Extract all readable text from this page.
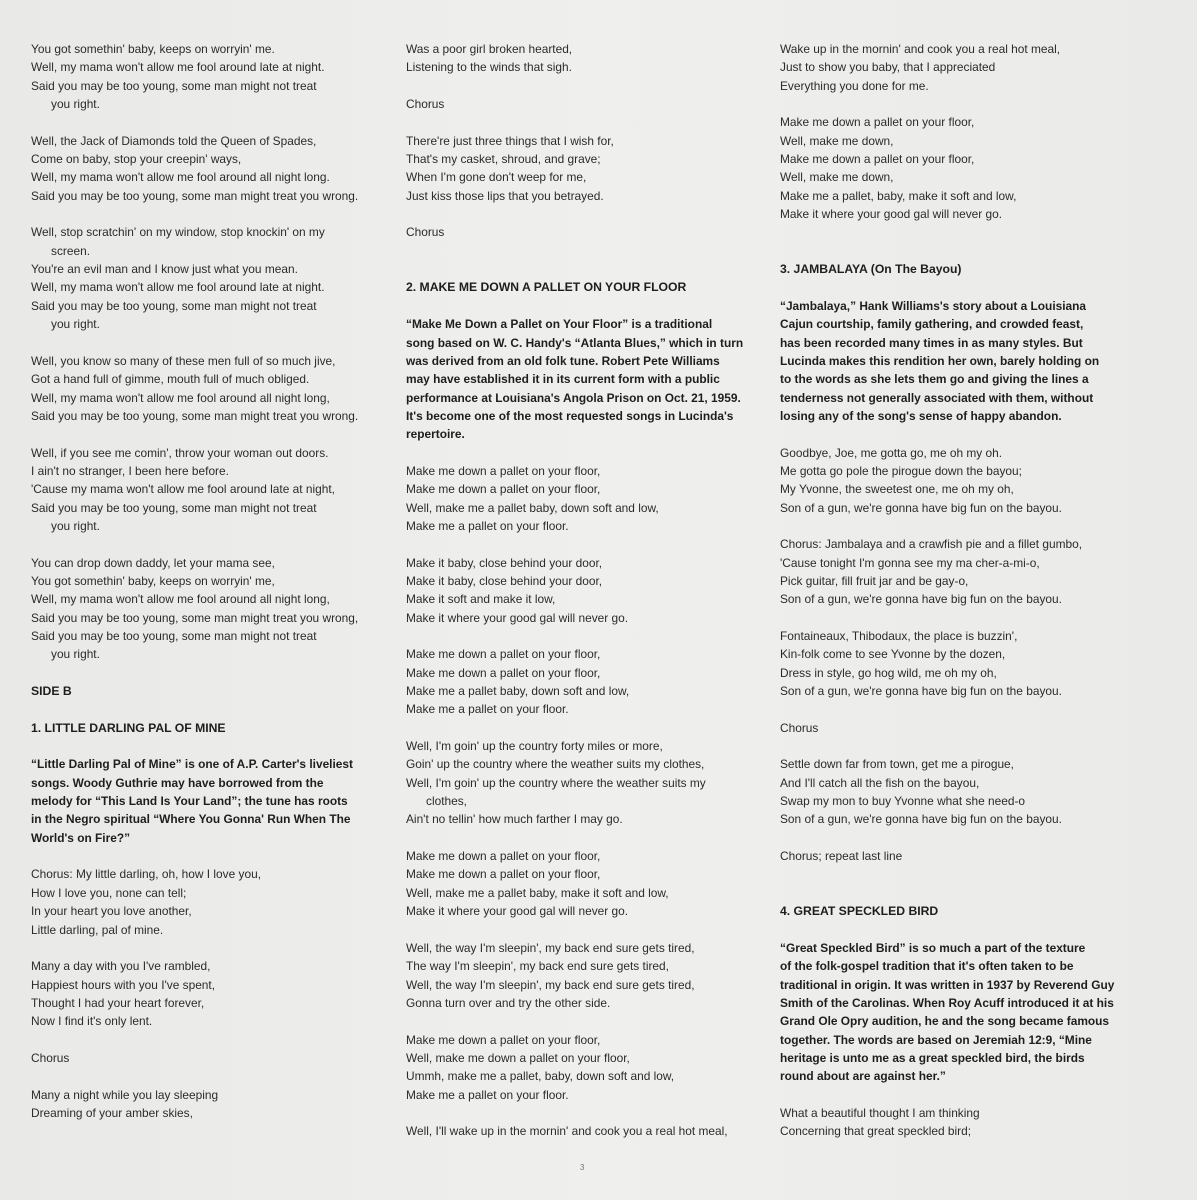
You got somethin' baby, keeps on worryin' me.
Well, my mama won't allow me fool around late at night.
Said you may be too young, some man might not treat
you right.
Well, the Jack of Diamonds told the Queen of Spades,
Come on baby, stop your creepin' ways,
Well, my mama won't allow me fool around all night long.
Said you may be too young, some man might treat you wrong.
Well, stop scratchin' on my window, stop knockin' on my
screen.
You're an evil man and I know just what you mean.
Well, my mama won't allow me fool around late at night.
Said you may be too young, some man might not treat
you right.
Well, you know so many of these men full of so much jive,
Got a hand full of gimme, mouth full of much obliged.
Well, my mama won't allow me fool around all night long,
Said you may be too young, some man might treat you wrong.
Well, if you see me comin', throw your woman out doors.
I ain't no stranger, I been here before.
'Cause my mama won't allow me fool around late at night,
Said you may be too young, some man might not treat
you right.
You can drop down daddy, let your mama see,
You got somethin' baby, keeps on worryin' me,
Well, my mama won't allow me fool around all night long,
Said you may be too young, some man might treat you wrong,
Said you may be too young, some man might not treat
you right.
SIDE B
1. LITTLE DARLING PAL OF MINE
“Little Darling Pal of Mine” is one of A.P. Carter's liveliest
songs. Woody Guthrie may have borrowed from the
melody for “This Land Is Your Land”; the tune has roots
in the Negro spiritual “Where You Gonna' Run When The
World's on Fire?”
Chorus: My little darling, oh, how I love you,
How I love you, none can tell;
In your heart you love another,
Little darling, pal of mine.
Many a day with you I've rambled,
Happiest hours with you I've spent,
Thought I had your heart forever,
Now I find it's only lent.
Chorus
Many a night while you lay sleeping
Dreaming of your amber skies,
Was a poor girl broken hearted,
Listening to the winds that sigh.
Chorus
There're just three things that I wish for,
That's my casket, shroud, and grave;
When I'm gone don't weep for me,
Just kiss those lips that you betrayed.
Chorus
2. MAKE ME DOWN A PALLET ON YOUR FLOOR
“Make Me Down a Pallet on Your Floor” is a traditional
song based on W. C. Handy's “Atlanta Blues,” which in turn
was derived from an old folk tune. Robert Pete Williams
may have established it in its current form with a public
performance at Louisiana's Angola Prison on Oct. 21, 1959.
It's become one of the most requested songs in Lucinda's
repertoire.
Make me down a pallet on your floor,
Make me down a pallet on your floor,
Well, make me a pallet baby, down soft and low,
Make me a pallet on your floor.
Make it baby, close behind your door,
Make it baby, close behind your door,
Make it soft and make it low,
Make it where your good gal will never go.
Make me down a pallet on your floor,
Make me down a pallet on your floor,
Make me a pallet baby, down soft and low,
Make me a pallet on your floor.
Well, I'm goin' up the country forty miles or more,
Goin' up the country where the weather suits my clothes,
Well, I'm goin' up the country where the weather suits my
clothes,
Ain't no tellin' how much farther I may go.
Make me down a pallet on your floor,
Make me down a pallet on your floor,
Well, make me a pallet baby, make it soft and low,
Make it where your good gal will never go.
Well, the way I'm sleepin', my back end sure gets tired,
The way I'm sleepin', my back end sure gets tired,
Well, the way I'm sleepin', my back end sure gets tired,
Gonna turn over and try the other side.
Make me down a pallet on your floor,
Well, make me down a pallet on your floor,
Ummh, make me a pallet, baby, down soft and low,
Make me a pallet on your floor.
Well, I'll wake up in the mornin' and cook you a real hot meal,
Wake up in the mornin' and cook you a real hot meal,
Just to show you baby, that I appreciated
Everything you done for me.
Make me down a pallet on your floor,
Well, make me down,
Make me down a pallet on your floor,
Well, make me down,
Make me a pallet, baby, make it soft and low,
Make it where your good gal will never go.
3. JAMBALAYA (On The Bayou)
“Jambalaya,” Hank Williams's story about a Louisiana
Cajun courtship, family gathering, and crowded feast,
has been recorded many times in as many styles. But
Lucinda makes this rendition her own, barely holding on
to the words as she lets them go and giving the lines a
tenderness not generally associated with them, without
losing any of the song's sense of happy abandon.
Goodbye, Joe, me gotta go, me oh my oh.
Me gotta go pole the pirogue down the bayou;
My Yvonne, the sweetest one, me oh my oh,
Son of a gun, we're gonna have big fun on the bayou.
Chorus: Jambalaya and a crawfish pie and a fillet gumbo,
'Cause tonight I'm gonna see my ma cher-a-mi-o,
Pick guitar, fill fruit jar and be gay-o,
Son of a gun, we're gonna have big fun on the bayou.
Fontaineaux, Thibodaux, the place is buzzin',
Kin-folk come to see Yvonne by the dozen,
Dress in style, go hog wild, me oh my oh,
Son of a gun, we're gonna have big fun on the bayou.
Chorus
Settle down far from town, get me a pirogue,
And I'll catch all the fish on the bayou,
Swap my mon to buy Yvonne what she need-o
Son of a gun, we're gonna have big fun on the bayou.
Chorus; repeat last line
4. GREAT SPECKLED BIRD
“Great Speckled Bird” is so much a part of the texture
of the folk-gospel tradition that it's often taken to be
traditional in origin. It was written in 1937 by Reverend Guy
Smith of the Carolinas. When Roy Acuff introduced it at his
Grand Ole Opry audition, he and the song became famous
together. The words are based on Jeremiah 12:9, “Mine
heritage is unto me as a great speckled bird, the birds
round about are against her.”
What a beautiful thought I am thinking
Concerning that great speckled bird;
3
